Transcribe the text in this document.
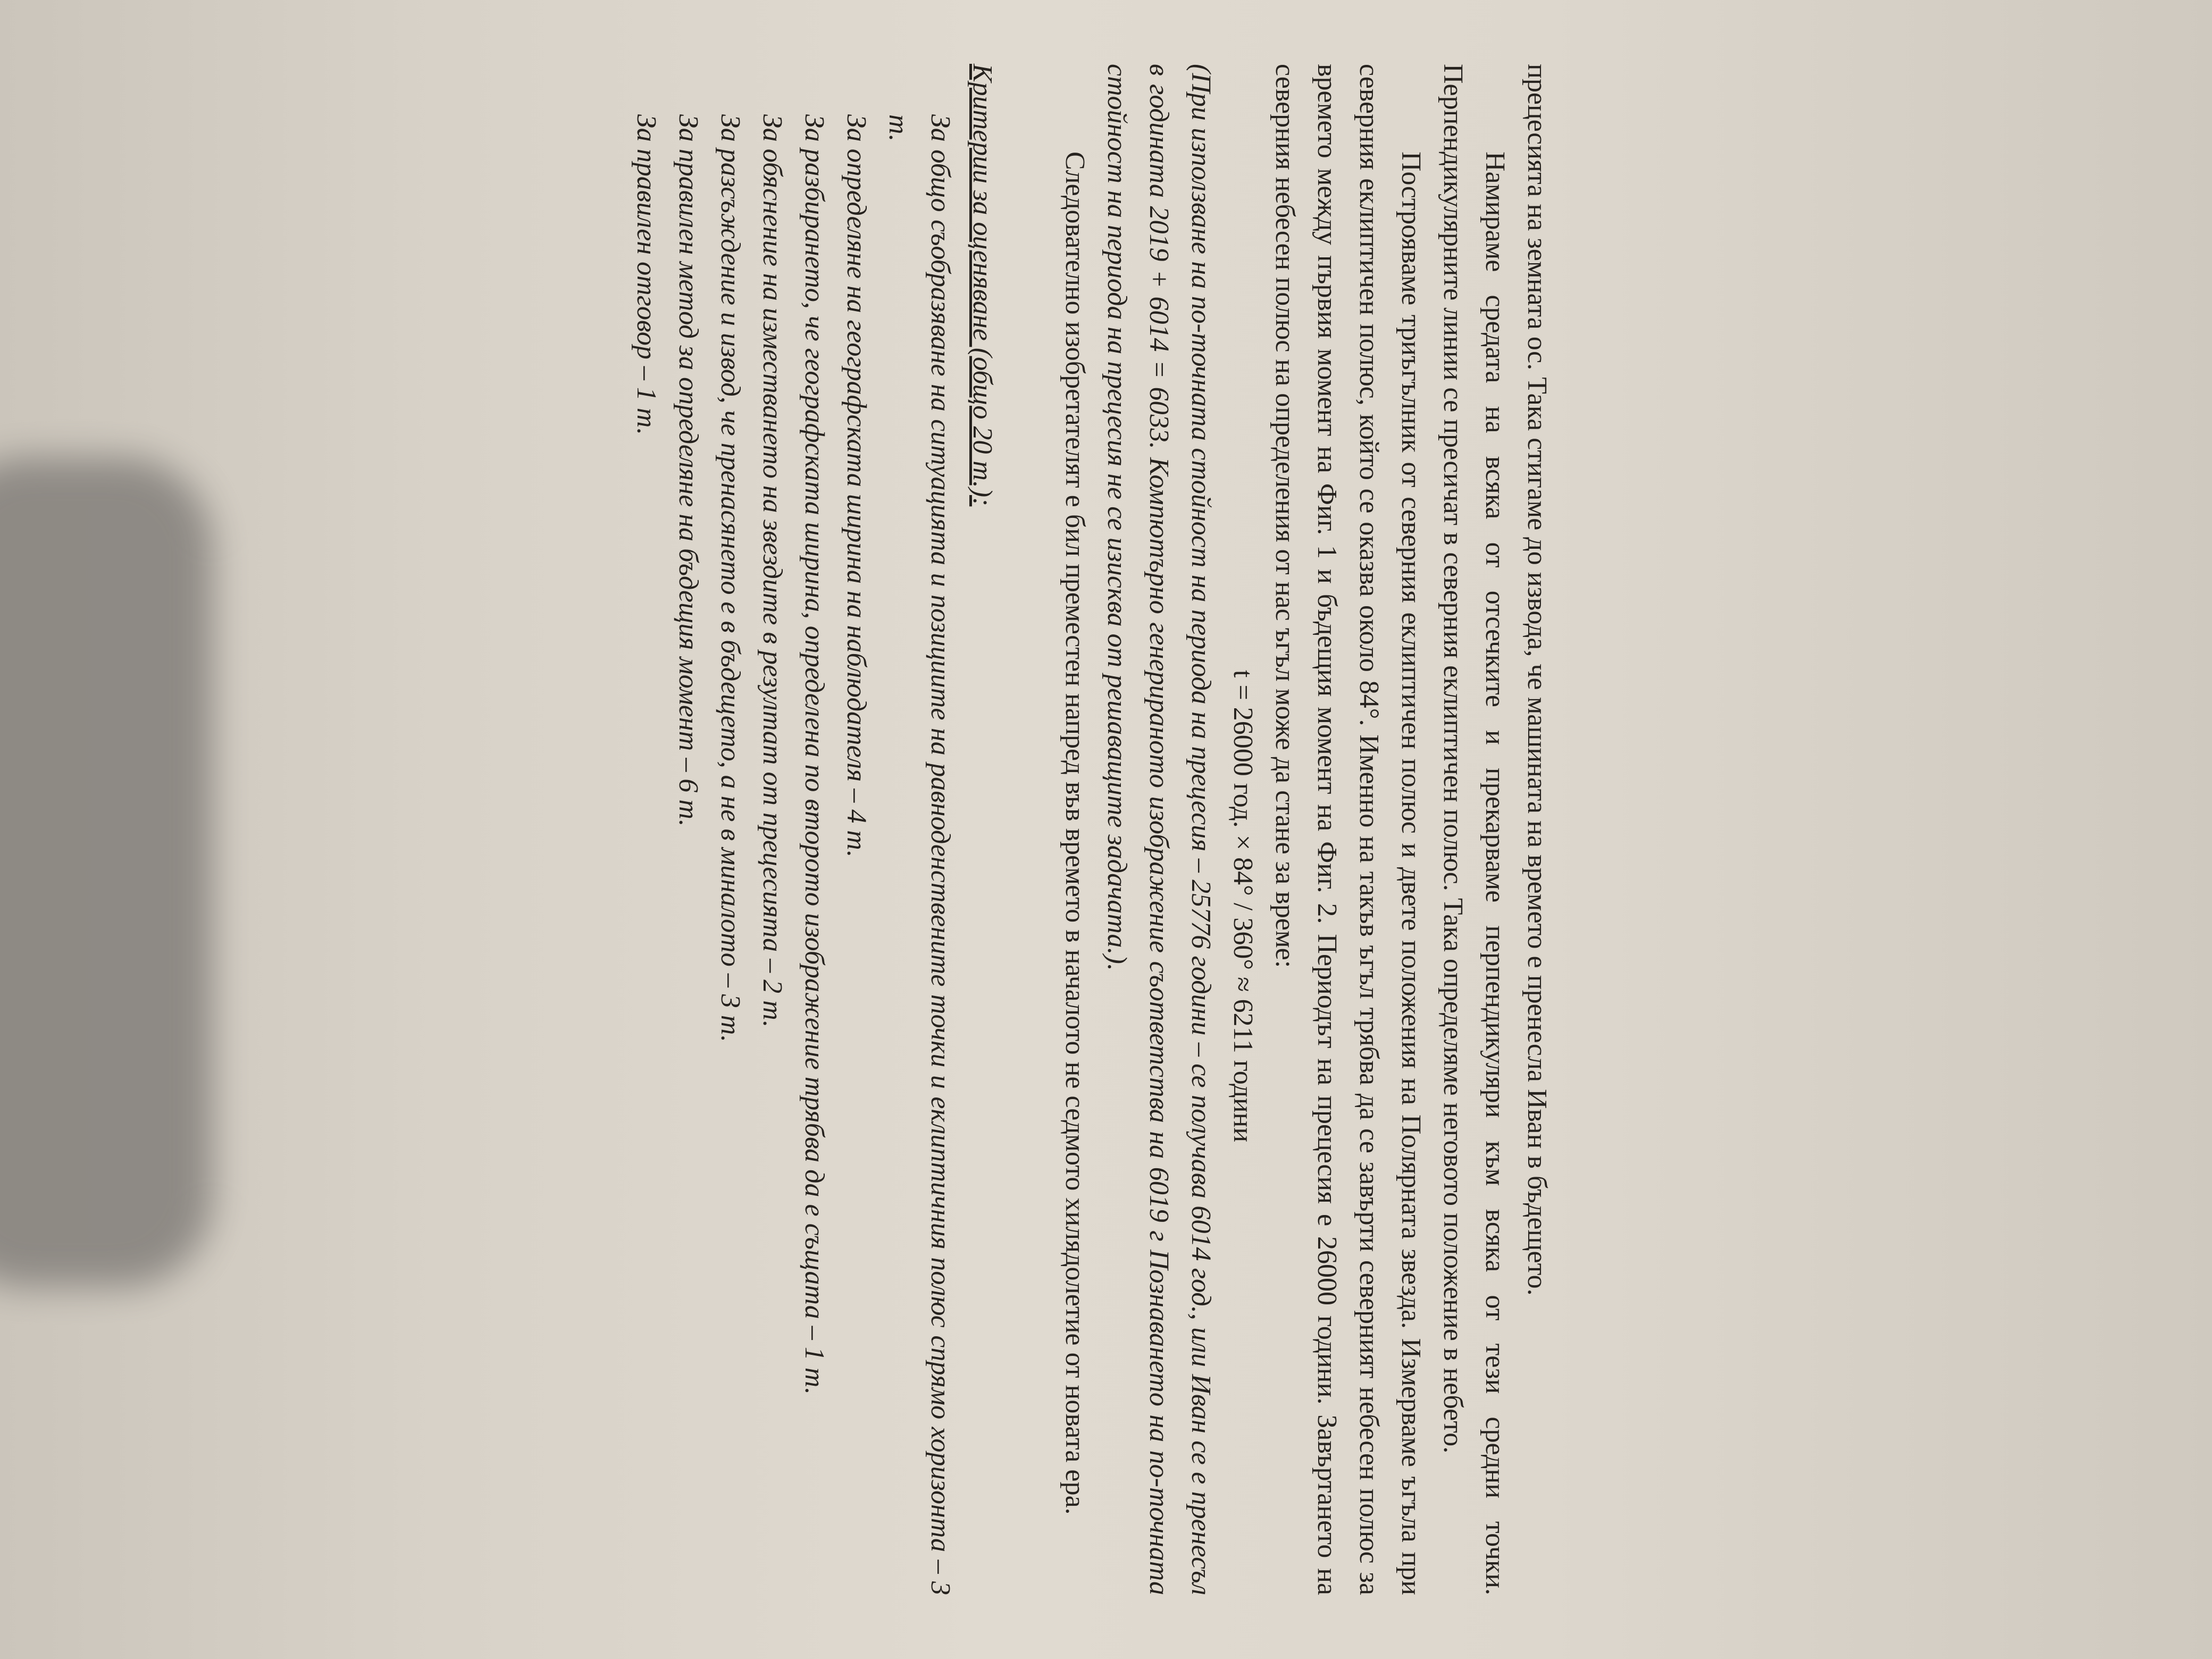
прецесията на земната ос. Така стигаме до извода, че машината на времето е пренесла Иван в бъдещето.

Намираме средата на всяка от отсечките и прекарваме перпендикуляри към всяка от тези средни точки. Перпендикулярните линии се пресичат в северния еклиптичен полюс. Така определяме неговото положение в небето.

Построяваме триъгълник от северния еклиптичен полюс и двете положения на Полярната звезда. Измерваме ъгъла при северния еклиптичен полюс, който се оказва около 84°. Именно на такъв ъгъл трябва да се завърти северният небесен полюс за времето между първия момент на Фиг. 1 и бъдещия момент на Фиг. 2. Периодът на прецесия е 26000 години. Завъртането на северния небесен полюс на определения от нас ъгъл може да стане за време:

t = 26000 год. × 84° / 360° ≈ 6211 години

(При използване на по-точната стойност на периода на прецесия – 25776 години – се получава 6014 год., или Иван се е пренесъл в годината 2019 + 6014 = 6033. Компютърно генерираното изображение съответства на 6019 г Познаването на по-точната стойност на периода на прецесия не се изисква от решаващите задачата.).

Следователно изобретателят е бил преместен напред във времето в началото не седмото хилядолетие от новата ера.

Критерии за оценяване (общо 20 т.):

За общо съобразяване на ситуацията и позициите на равноденствените точки и еклиптичния полюс спрямо хоризонта – 3 т.

За определяне на географската ширина на наблюдателя – 4 т.

За разбирането, че географската ширина, определена по второто изображение трябва да е същата – 1 т.

За обяснение на изместването на звездите в резултат от прецесията – 2 т.

За разсъждение и извод, че пренасянето е в бъдещето, а не в миналото – 3 т.

За правилен метод за определяне на бъдещия момент – 6 т.

За правилен отговор – 1 т.
